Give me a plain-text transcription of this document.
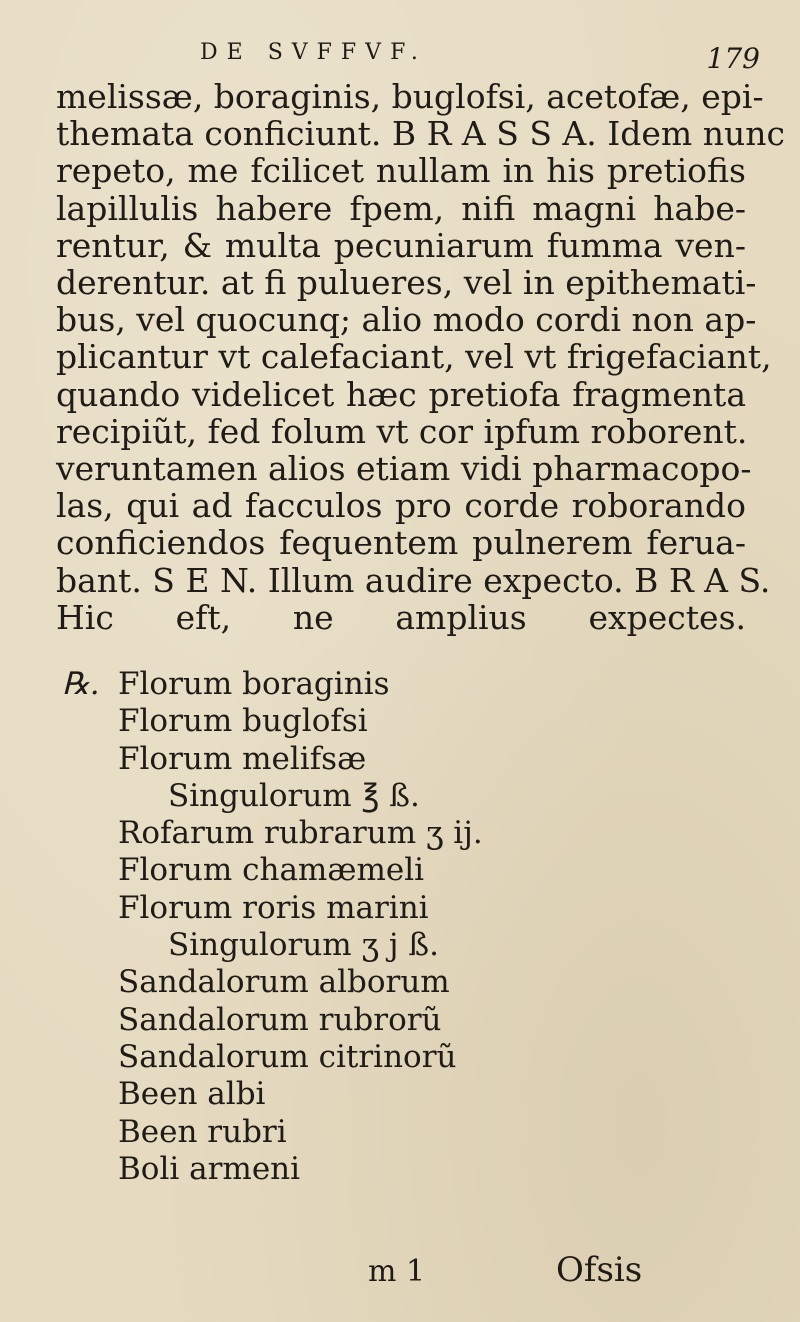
DE SVFFVF.	179
melissæ, boraginis, buglofsi, acetofæ, epi-
themata conficiunt. B R A S S A. Idem nunc
repeto, me fcilicet nullam in his pretiofis
lapillulis habere fpem, nifi magni habe-
rentur, & multa pecuniarum fumma ven-
derentur. at fi pulueres, vel in epithemati-
bus, vel quocunq; alio modo cordi non ap-
plicantur vt calefaciant, vel vt frigefaciant,
quando videlicet hæc pretiofa fragmenta
recipiũt, fed folum vt cor ipfum roborent.
veruntamen alios etiam vidi pharmacopo-
las, qui ad facculos pro corde roborando
conficiendos fequentem pulnerem feruа-
bant. S E N. Illum audire expecto. B R A S.
Hic eft, ne amplius expectes.
℞. Florum boraginis
Florum buglofsi
Florum melifsæ
Singulorum ℥ ß.
Rofarum rubrarum ʒ ij.
Florum chamæmeli
Florum roris marini
Singulorum ʒ j ß.
Sandalorum alborum
Sandalorum rubrorũ
Sandalorum citrinorũ
Been albi
Been rubri
Boli armeni
m 1	Ofsis
